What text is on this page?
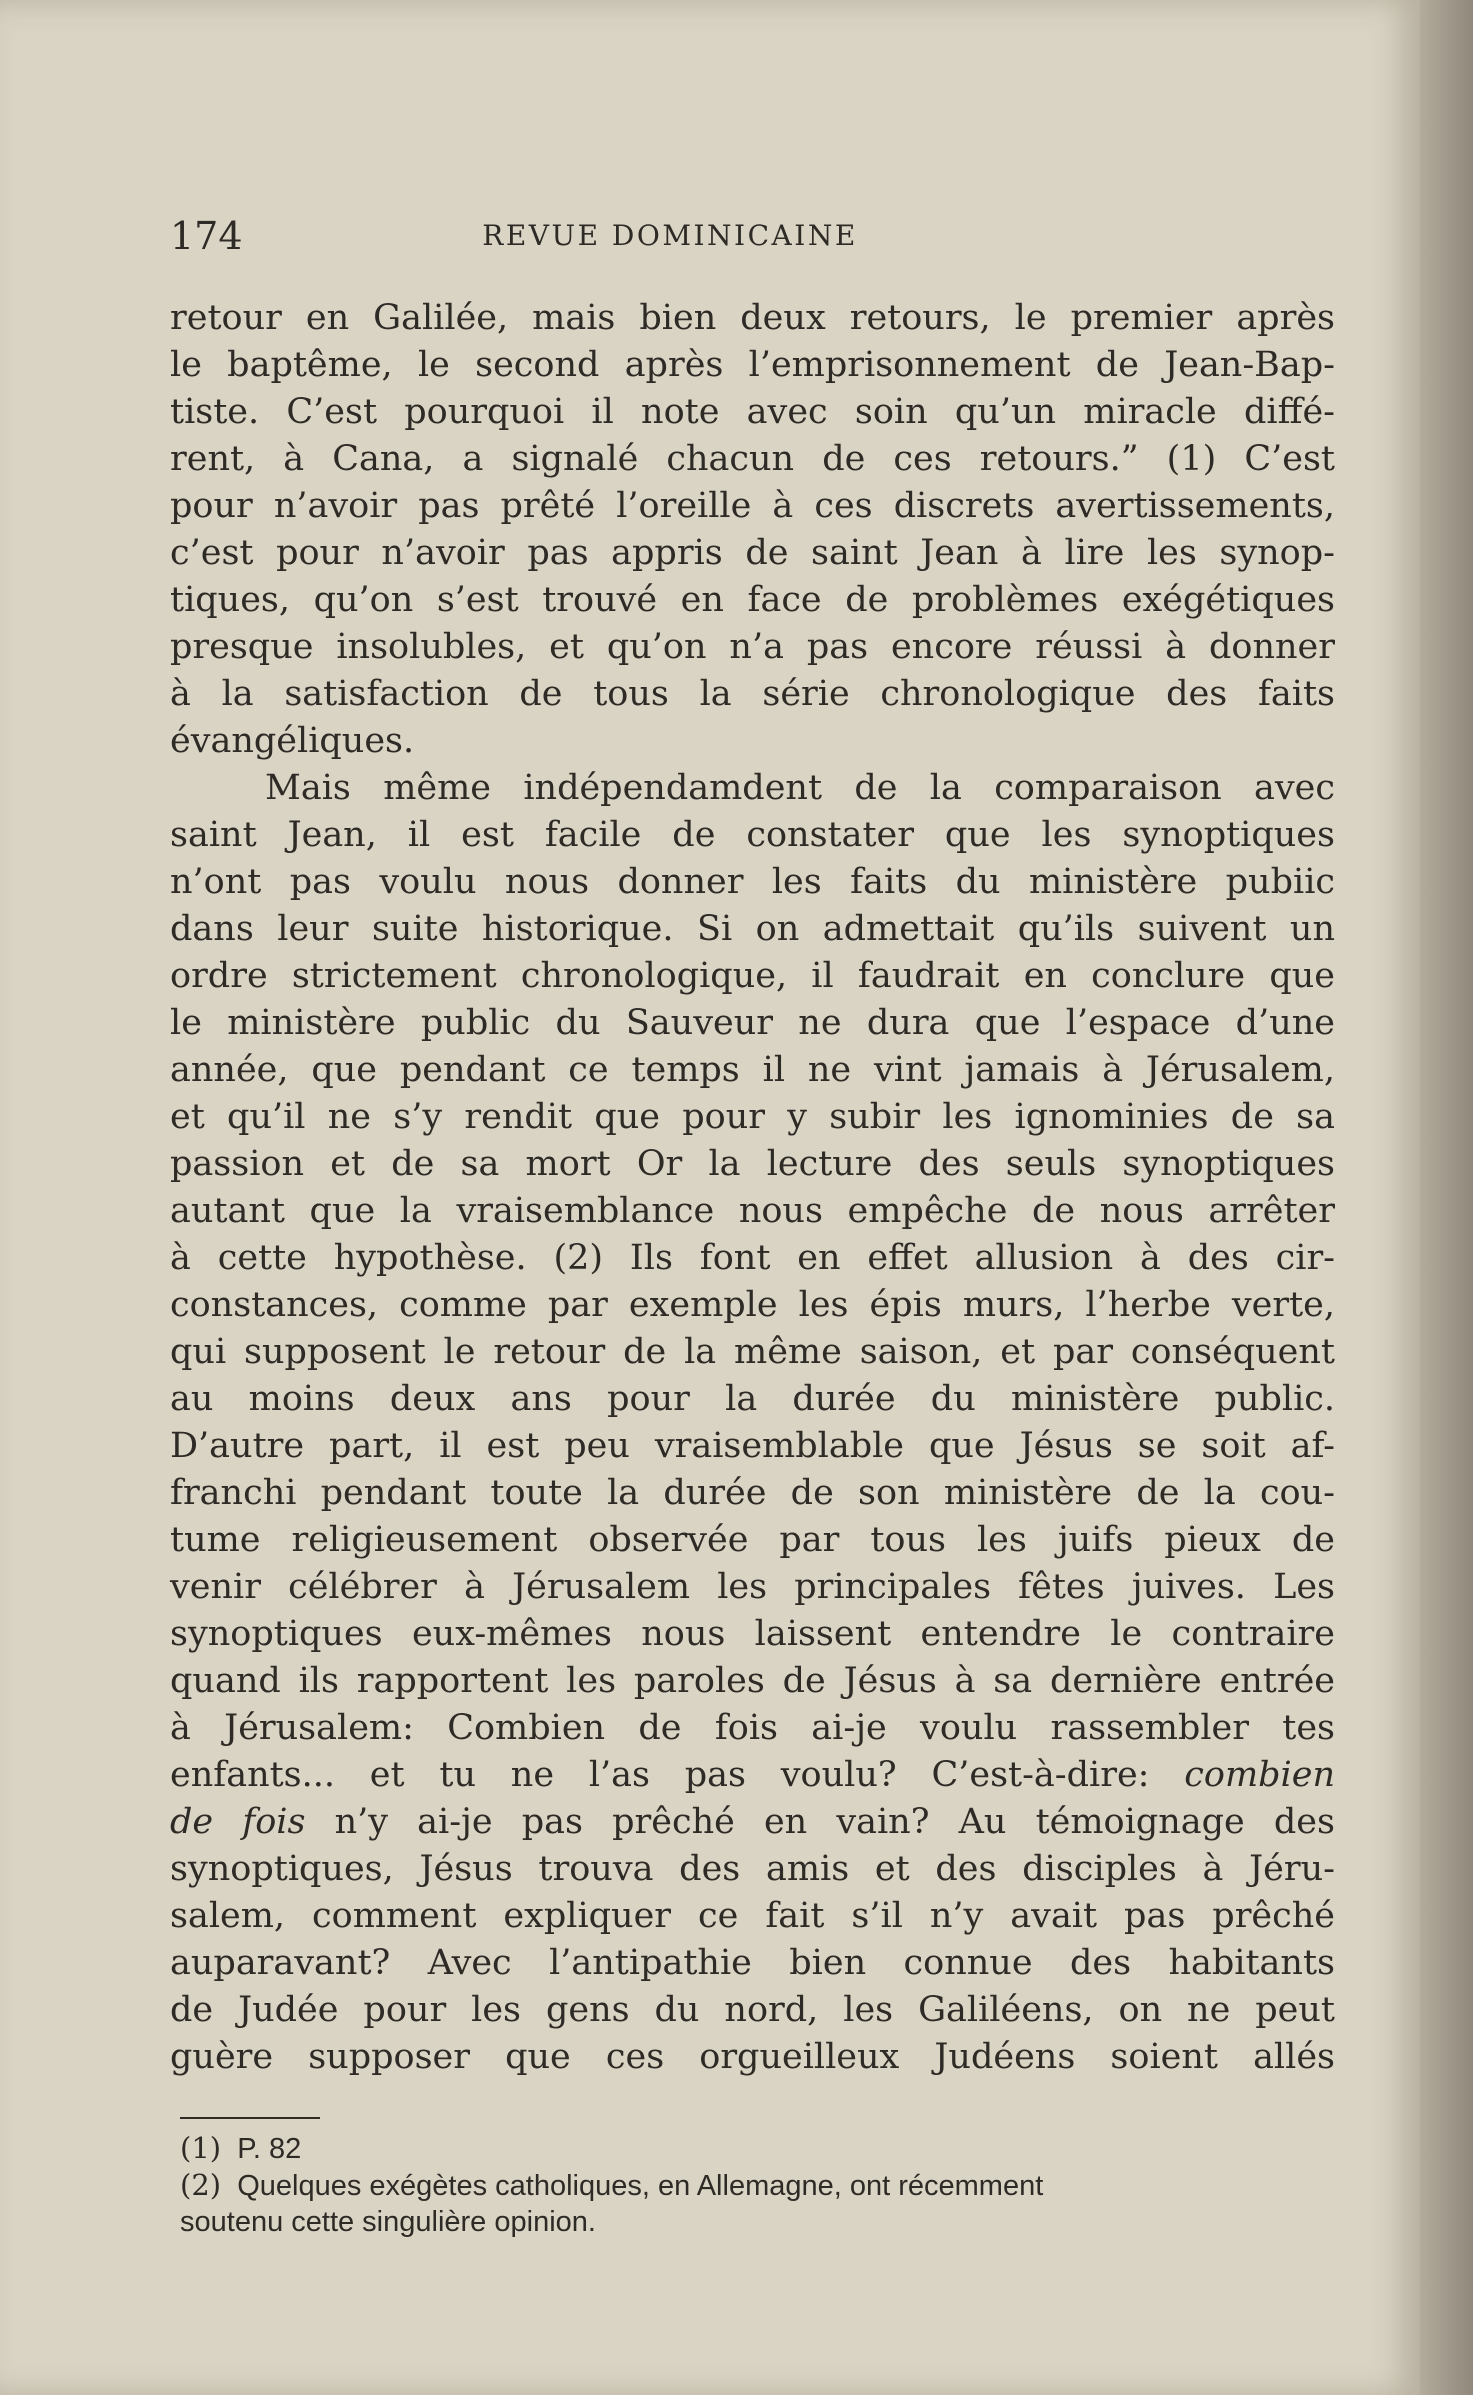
174	REVUE DOMINICAINE

retour en Galilée, mais bien deux retours, le premier après
le baptême, le second après l’emprisonnement de Jean-Bap-
tiste. C’est pourquoi il note avec soin qu’un miracle diffé-
rent, à Cana, a signalé chacun de ces retours.” (1) C’est
pour n’avoir pas prêté l’oreille à ces discrets avertissements,
c’est pour n’avoir pas appris de saint Jean à lire les synop-
tiques, qu’on s’est trouvé en face de problèmes exégétiques
presque insolubles, et qu’on n’a pas encore réussi à donner
à la satisfaction de tous la série chronologique des faits
évangéliques.

Mais même indépendamdent de la comparaison avec
saint Jean, il est facile de constater que les synoptiques
n’ont pas voulu nous donner les faits du ministère pubiic
dans leur suite historique. Si on admettait qu’ils suivent un
ordre strictement chronologique, il faudrait en conclure que
le ministère public du Sauveur ne dura que l’espace d’une
année, que pendant ce temps il ne vint jamais à Jérusalem,
et qu’il ne s’y rendit que pour y subir les ignominies de sa
passion et de sa mort Or la lecture des seuls synoptiques
autant que la vraisemblance nous empêche de nous arrêter
à cette hypothèse. (2) Ils font en effet allusion à des cir-
constances, comme par exemple les épis murs, l’herbe verte,
qui supposent le retour de la même saison, et par conséquent
au moins deux ans pour la durée du ministère public.
D’autre part, il est peu vraisemblable que Jésus se soit af-
franchi pendant toute la durée de son ministère de la cou-
tume religieusement observée par tous les juifs pieux de
venir célébrer à Jérusalem les principales fêtes juives. Les
synoptiques eux-mêmes nous laissent entendre le contraire
quand ils rapportent les paroles de Jésus à sa dernière entrée
à Jérusalem: Combien de fois ai-je voulu rassembler tes
enfants... et tu ne l’as pas voulu? C’est-à-dire: combien
de fois n’y ai-je pas prêché en vain? Au témoignage des
synoptiques, Jésus trouva des amis et des disciples à Jéru-
salem, comment expliquer ce fait s’il n’y avait pas prêché
auparavant? Avec l’antipathie bien connue des habitants
de Judée pour les gens du nord, les Galiléens, on ne peut
guère supposer que ces orgueilleux Judéens soient allés

(1) P. 82
(2) Quelques exégètes catholiques, en Allemagne, ont récemment
soutenu cette singulière opinion.
